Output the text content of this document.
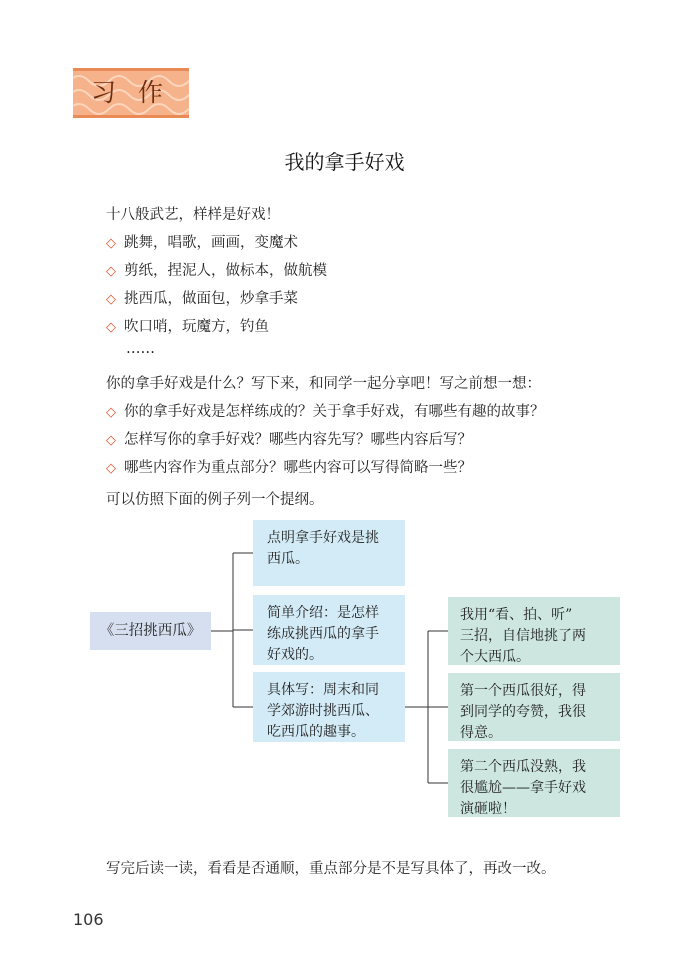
习作
我的拿手好戏
十八般武艺，样样是好戏！
◇ 跳舞，唱歌，画画，变魔术
◇ 剪纸，捏泥人，做标本，做航模
◇ 挑西瓜，做面包，炒拿手菜
◇ 吹口哨，玩魔方，钓鱼
……
你的拿手好戏是什么？写下来，和同学一起分享吧！写之前想一想：
◇ 你的拿手好戏是怎样练成的？关于拿手好戏，有哪些有趣的故事？
◇ 怎样写你的拿手好戏？哪些内容先写？哪些内容后写？
◇ 哪些内容作为重点部分？哪些内容可以写得简略一些？
可以仿照下面的例子列一个提纲。
《三招挑西瓜》
点明拿手好戏是挑
西瓜。
简单介绍：是怎样
练成挑西瓜的拿手
好戏的。
具体写：周末和同
学郊游时挑西瓜、
吃西瓜的趣事。
我用“看、拍、听”
三招，自信地挑了两
个大西瓜。
第一个西瓜很好，得
到同学的夸赞，我很
得意。
第二个西瓜没熟，我
很尴尬——拿手好戏
演砸啦！
写完后读一读，看看是否通顺，重点部分是不是写具体了，再改一改。
106
